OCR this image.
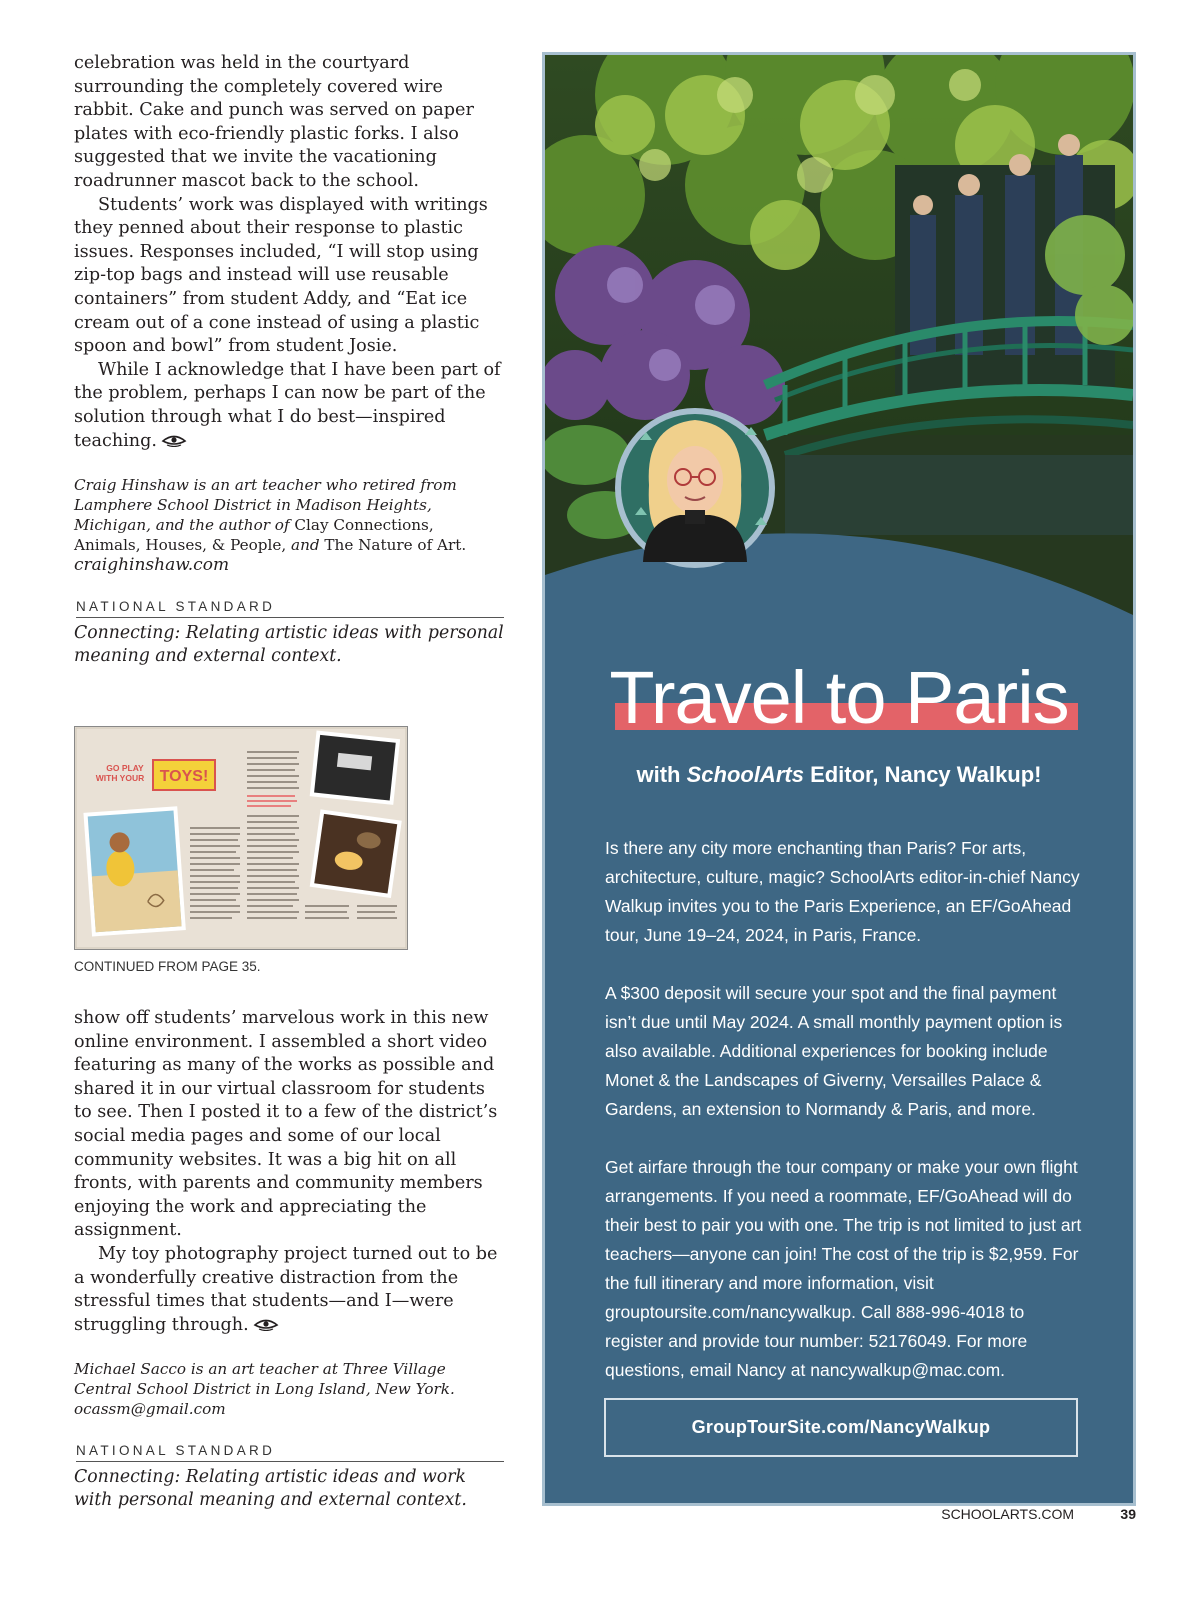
celebration was held in the courtyard surrounding the completely covered wire rabbit. Cake and punch was served on paper plates with eco-friendly plastic forks. I also suggested that we invite the vacationing roadrunner mascot back to the school.

Students’ work was displayed with writings they penned about their response to plastic issues. Responses included, “I will stop using zip-top bags and instead will use reusable containers” from student Addy, and “Eat ice cream out of a cone instead of using a plastic spoon and bowl” from student Josie.

While I acknowledge that I have been part of the problem, perhaps I can now be part of the solution through what I do best—inspired teaching.

Craig Hinshaw is an art teacher who retired from Lamphere School District in Madison Heights, Michigan, and the author of Clay Connections, Animals, Houses, & People, and The Nature of Art. craighinshaw.com

NATIONAL STANDARD

Connecting: Relating artistic ideas with personal meaning and external context.

GO PLAY WITH YOUR TOYS!
CONTINUED FROM PAGE 35.

show off students’ marvelous work in this new online environment. I assembled a short video featuring as many of the works as possible and shared it in our virtual classroom for students to see. Then I posted it to a few of the district’s social media pages and some of our local community websites. It was a big hit on all fronts, with parents and community members enjoying the work and appreciating the assignment.

My toy photography project turned out to be a wonderfully creative distraction from the stressful times that students—and I—were struggling through.

Michael Sacco is an art teacher at Three Village Central School District in Long Island, New York. ocassm@gmail.com

NATIONAL STANDARD

Connecting: Relating artistic ideas and work with personal meaning and external context.

Travel to Paris
with SchoolArts Editor, Nancy Walkup!

Is there any city more enchanting than Paris? For arts, architecture, culture, magic? SchoolArts editor-in-chief Nancy Walkup invites you to the Paris Experience, an EF/GoAhead tour, June 19–24, 2024, in Paris, France.

A $300 deposit will secure your spot and the final payment isn’t due until May 2024. A small monthly payment option is also available. Additional experiences for booking include Monet & the Landscapes of Giverny, Versailles Palace & Gardens, an extension to Normandy & Paris, and more.

Get airfare through the tour company or make your own flight arrangements. If you need a roommate, EF/GoAhead will do their best to pair you with one. The trip is not limited to just art teachers—anyone can join! The cost of the trip is $2,959. For the full itinerary and more information, visit grouptoursite.com/nancywalkup. Call 888-996-4018 to register and provide tour number: 52176049. For more questions, email Nancy at nancywalkup@mac.com.

GroupTourSite.com/NancyWalkup
SCHOOLARTS.COM	39
